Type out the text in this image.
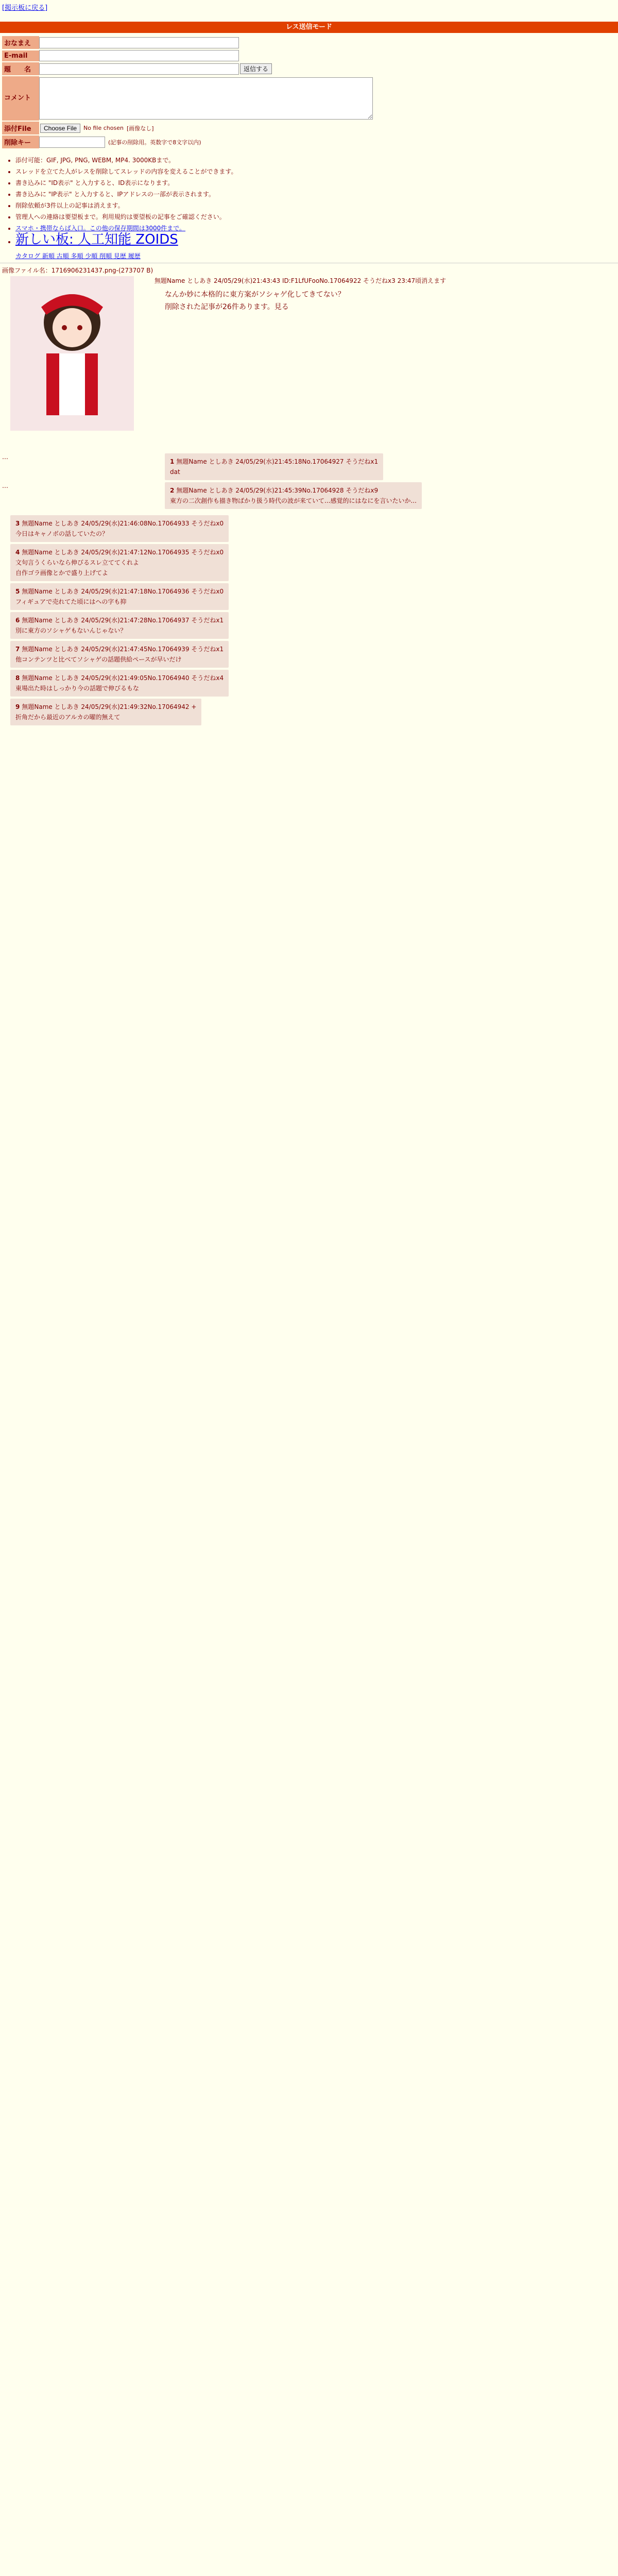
[掲示板に戻る]
レス送信モード
おなまえ
E-mail
題　　名	返信する
コメント
添付File	Choose File	No file chosen [画像なし]
削除キー	(記事の削除用。英数字で8文字以内)
• 添付可能：GIF, JPG, PNG, WEBM, MP4. 3000KBまで。
• スレッドを立てた人がレスを削除してスレッドの内容を変えることができます。
• 書き込みに "ID表示" と入力すると、ID表示になります。
• 書き込みに "IP表示" と入力すると、IPアドレスの一部が表示されます。
• 削除依頼が3件以上の記事は消えます。
• 管理人への連絡は要望板まで。利用規約は要望板の記事をご確認ください。
• スマホ・携帯ならば入口。この他の保存期間は3000件まで。
• 新しい板: 人工知能 ZOIDS
カタログ 新順 古順 多順 少順 削順 見歴 履歴
画像ファイル名：1716906231437.png-(273707 B)
無題Name としあき 24/05/29(水)21:43:43 ID:F1LfUFooNo.17064922 そうだねx3 23:47頃消えます
なんか妙に本格的に東方案がソシャゲ化してきてない？
削除された記事が26件あります。見る
…
1 無題Name としあき 24/05/29(水)21:45:18No.17064927 そうだねx1
dat
…
2 無題Name としあき 24/05/29(水)21:45:39No.17064928 そうだねx9
東方の二次創作も描き物ばかり扱う時代の波が来ていて...感覚的にはなにを言いたいか...
3 無題Name としあき 24/05/29(水)21:46:08No.17064933 そうだねx0
今日はキャノボの話していたの？
4 無題Name としあき 24/05/29(水)21:47:12No.17064935 そうだねx0
文句言うくらいなら伸びるスレ立ててくれよ
自作ゴラ画像とかで盛り上げてよ
5 無題Name としあき 24/05/29(水)21:47:18No.17064936 そうだねx0
フィギュアで売れてた頃にはヘの字も抑
6 無題Name としあき 24/05/29(水)21:47:28No.17064937 そうだねx1
別に東方のソシャゲもないんじゃない？
7 無題Name としあき 24/05/29(水)21:47:45No.17064939 そうだねx1
他コンテンツと比べてソシャゲの話題供給ペースが早いだけ
8 無題Name としあき 24/05/29(水)21:49:05No.17064940 そうだねx4
東場出た時はしっかり今の話題で伸びるもな
9 無題Name としあき 24/05/29(水)21:49:32No.17064942 +
折角だから最近のアルカの曜的無えて
